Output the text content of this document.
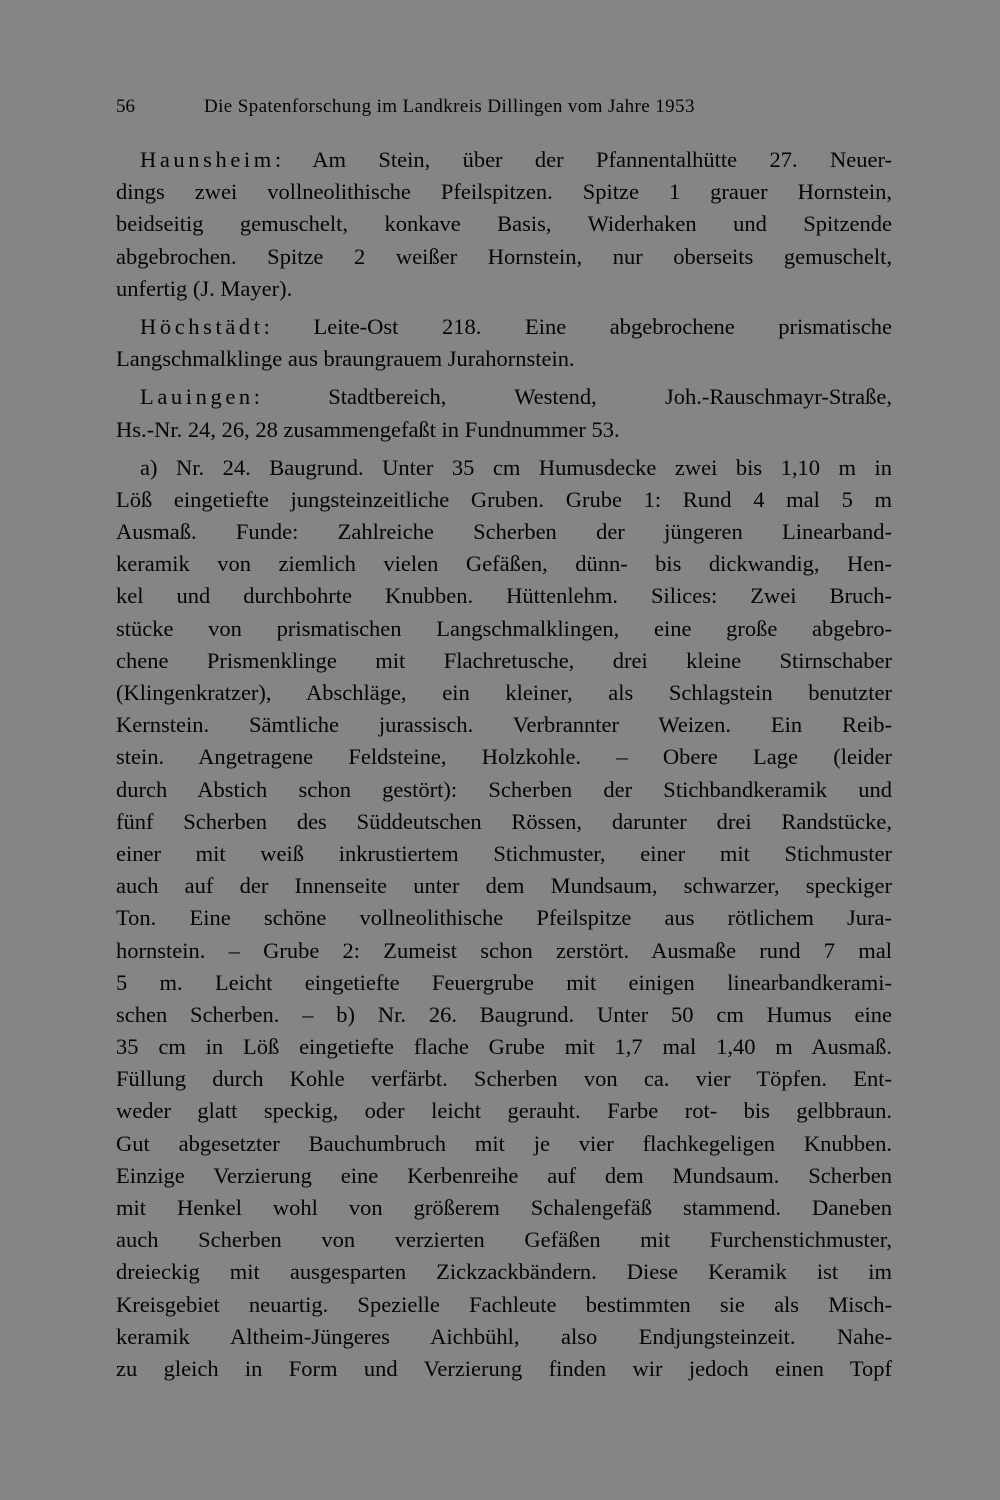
56	Die Spatenforschung im Landkreis Dillingen vom Jahre 1953
Haunsheim: Am Stein, über der Pfannentalhütte 27. Neuer-
dings zwei vollneolithische Pfeilspitzen. Spitze 1 grauer Hornstein,
beidseitig gemuschelt, konkave Basis, Widerhaken und Spitzende
abgebrochen. Spitze 2 weißer Hornstein, nur oberseits gemuschelt,
unfertig (J. Mayer).
Höchstädt: Leite-Ost 218. Eine abgebrochene prismatische
Langschmalklinge aus braungrauem Jurahornstein.
Lauingen: Stadtbereich, Westend, Joh.-Rauschmayr-Straße,
Hs.-Nr. 24, 26, 28 zusammengefaßt in Fundnummer 53.
a) Nr. 24. Baugrund. Unter 35 cm Humusdecke zwei bis 1,10 m in
Löß eingetiefte jungsteinzeitliche Gruben. Grube 1: Rund 4 mal 5 m
Ausmaß. Funde: Zahlreiche Scherben der jüngeren Linearband-
keramik von ziemlich vielen Gefäßen, dünn- bis dickwandig, Hen-
kel und durchbohrte Knubben. Hüttenlehm. Silices: Zwei Bruch-
stücke von prismatischen Langschmalklingen, eine große abgebro-
chene Prismenklinge mit Flachretusche, drei kleine Stirnschaber
(Klingenkratzer), Abschläge, ein kleiner, als Schlagstein benutzter
Kernstein. Sämtliche jurassisch. Verbrannter Weizen. Ein Reib-
stein. Angetragene Feldsteine, Holzkohle. – Obere Lage (leider
durch Abstich schon gestört): Scherben der Stichbandkeramik und
fünf Scherben des Süddeutschen Rössen, darunter drei Randstücke,
einer mit weiß inkrustiertem Stichmuster, einer mit Stichmuster
auch auf der Innenseite unter dem Mundsaum, schwarzer, speckiger
Ton. Eine schöne vollneolithische Pfeilspitze aus rötlichem Jura-
hornstein. – Grube 2: Zumeist schon zerstört. Ausmaße rund 7 mal
5 m. Leicht eingetiefte Feuergrube mit einigen linearbandkerami-
schen Scherben. – b) Nr. 26. Baugrund. Unter 50 cm Humus eine
35 cm in Löß eingetiefte flache Grube mit 1,7 mal 1,40 m Ausmaß.
Füllung durch Kohle verfärbt. Scherben von ca. vier Töpfen. Ent-
weder glatt speckig, oder leicht gerauht. Farbe rot- bis gelbbraun.
Gut abgesetzter Bauchumbruch mit je vier flachkegeligen Knubben.
Einzige Verzierung eine Kerbenreihe auf dem Mundsaum. Scherben
mit Henkel wohl von größerem Schalengefäß stammend. Daneben
auch Scherben von verzierten Gefäßen mit Furchenstichmuster,
dreieckig mit ausgesparten Zickzackbändern. Diese Keramik ist im
Kreisgebiet neuartig. Spezielle Fachleute bestimmten sie als Misch-
keramik Altheim-Jüngeres Aichbühl, also Endjungsteinzeit. Nahe-
zu gleich in Form und Verzierung finden wir jedoch einen Topf
